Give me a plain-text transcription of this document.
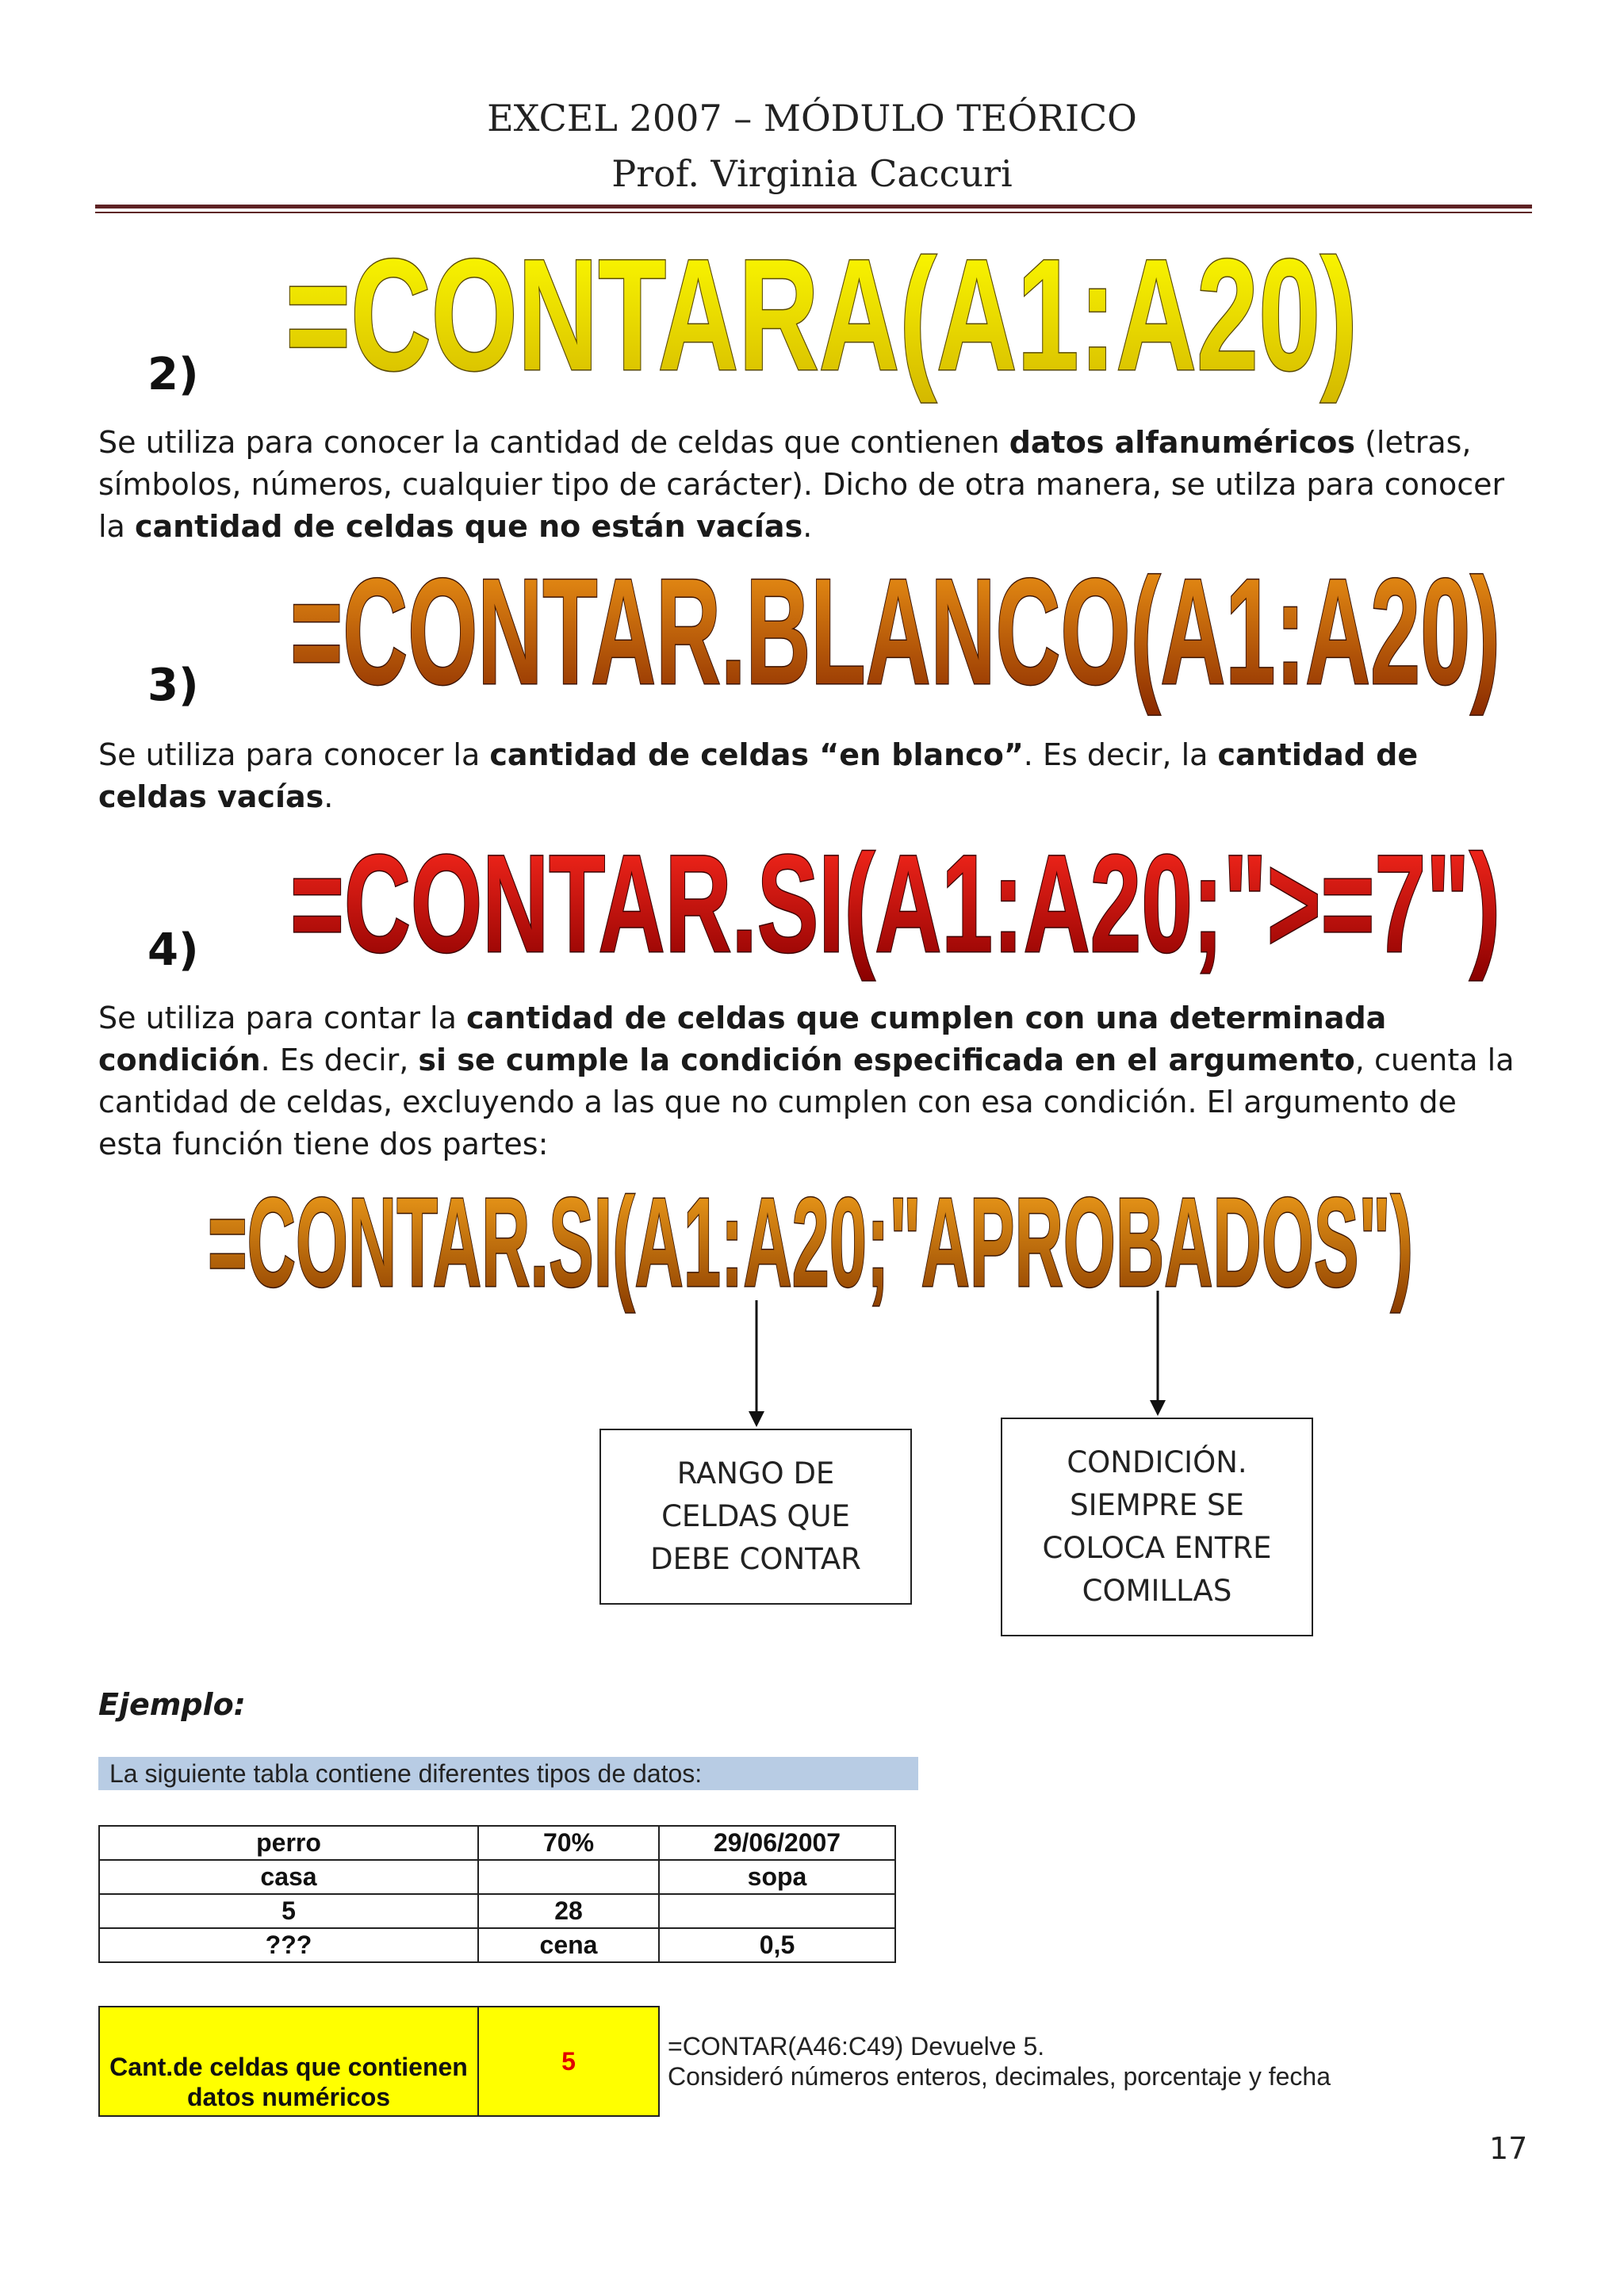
EXCEL 2007 – MÓDULO TEÓRICO
Prof. Virginia Caccuri
=CONTARA(A1:A20)
2)
Se utiliza para conocer la cantidad de celdas que contienen datos alfanuméricos (letras, símbolos, números, cualquier tipo de carácter). Dicho de otra manera, se utilza para conocer la cantidad de celdas que no están vacías.
=CONTAR.BLANCO(A1:A20)
3)
Se utiliza para conocer la cantidad de celdas “en blanco”. Es decir, la cantidad de celdas vacías.
=CONTAR.SI(A1:A20;">=7")
4)
Se utiliza para contar la cantidad de celdas que cumplen con una determinada condición. Es decir, si se cumple la condición especificada en el argumento, cuenta la cantidad de celdas, excluyendo a las que no cumplen con esa condición. El argumento de esta función tiene dos partes:
=CONTAR.SI(A1:A20;"APROBADOS")
RANGO DE
CELDAS QUE
DEBE CONTAR
CONDICIÓN.
SIEMPRE SE
COLOCA ENTRE
COMILLAS
Ejemplo:
La siguiente tabla contiene diferentes tipos de datos:
perro	70%	29/06/2007
casa		sopa
5	28	
???	cena	0,5
Cant.de celdas que contienen datos numéricos	5
=CONTAR(A46:C49) Devuelve 5.
Consideró números enteros, decimales, porcentaje y fecha
17
